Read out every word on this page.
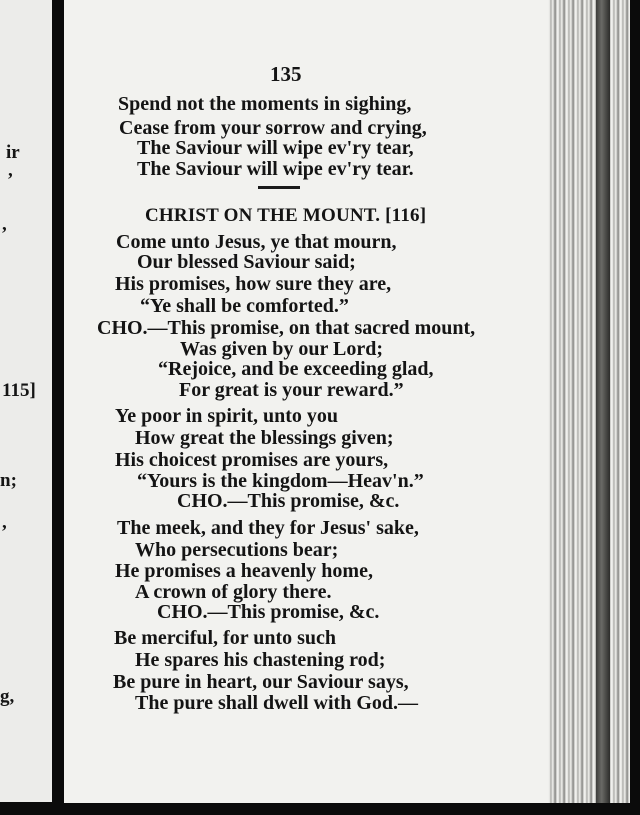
ir
,
,
115]
n;
,
g,
135
Spend not the moments in sighing,
Cease from your sorrow and crying,
The Saviour will wipe ev'ry tear,
The Saviour will wipe ev'ry tear.
CHRIST ON THE MOUNT. [116]
Come unto Jesus, ye that mourn,
Our blessed Saviour said;
His promises, how sure they are,
“Ye shall be comforted.”
CHO.—This promise, on that sacred mount,
Was given by our Lord;
“Rejoice, and be exceeding glad,
For great is your reward.”
Ye poor in spirit, unto you
How great the blessings given;
His choicest promises are yours,
“Yours is the kingdom—Heav'n.”
CHO.—This promise, &c.
The meek, and they for Jesus' sake,
Who persecutions bear;
He promises a heavenly home,
A crown of glory there.
CHO.—This promise, &c.
Be merciful, for unto such
He spares his chastening rod;
Be pure in heart, our Saviour says,
The pure shall dwell with God.—
